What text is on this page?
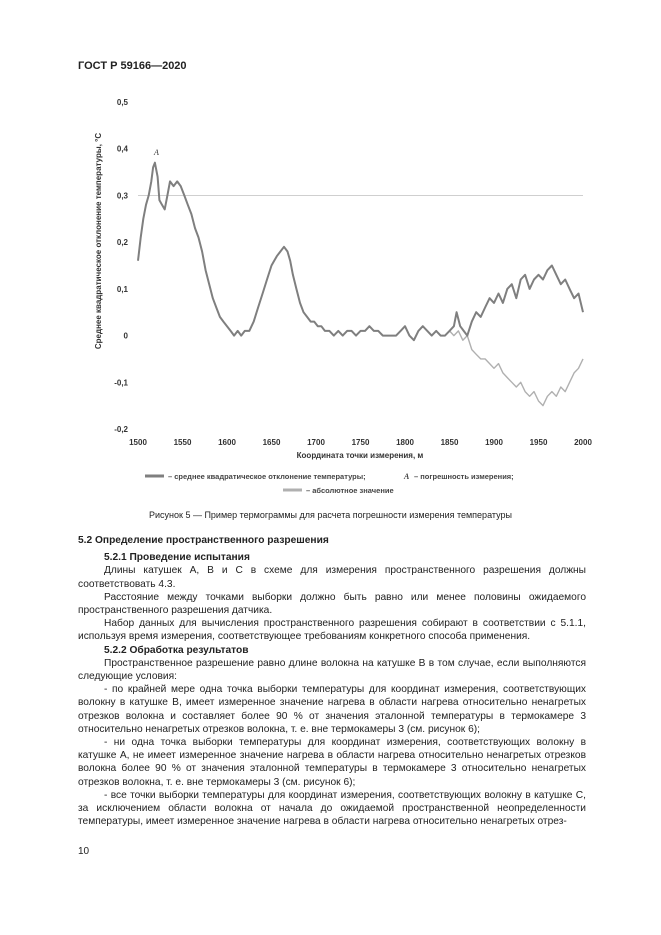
ГОСТ Р 59166—2020
0,5
0,4
0,3
0,2
0,1
0
-0,1
-0,2
1500	1550	1600	1650	1700	1750	1800	1850	1900	1950	2000
Среднее квадратическое отклонение температуры, °С
Координата точки измерения, м
A
– среднее квадратическое отклонение температуры;	A – погрешность измерения;
– абсолютное значение
Рисунок 5 — Пример термограммы для расчета погрешности измерения температуры

5.2 Определение пространственного разрешения

5.2.1 Проведение испытания

Длины катушек A, B и C в схеме для измерения пространственного разрешения должны соответствовать 4.3.

Расстояние между точками выборки должно быть равно или менее половины ожидаемого пространственного разрешения датчика.

Набор данных для вычисления пространственного разрешения собирают в соответствии с 5.1.1, используя время измерения, соответствующее требованиям конкретного способа применения.

5.2.2 Обработка результатов

Пространственное разрешение равно длине волокна на катушке B в том случае, если выполняются следующие условия:

- по крайней мере одна точка выборки температуры для координат измерения, соответствующих волокну в катушке B, имеет измеренное значение нагрева в области нагрева относительно ненагретых отрезков волокна и составляет более 90 % от значения эталонной температуры в термокамере 3 относительно ненагретых отрезков волокна, т. е. вне термокамеры 3 (см. рисунок 6);

- ни одна точка выборки температуры для координат измерения, соответствующих волокну в катушке A, не имеет измеренное значение нагрева в области нагрева относительно ненагретых отрезков волокна более 90 % от значения эталонной температуры в термокамере 3 относительно ненагретых отрезков волокна, т. е. вне термокамеры 3 (см. рисунок 6);

- все точки выборки температуры для координат измерения, соответствующих волокну в катушке C, за исключением области волокна от начала до ожидаемой пространственной неопределенности температуры, имеет измеренное значение нагрева в области нагрева относительно ненагретых отрез-

10
